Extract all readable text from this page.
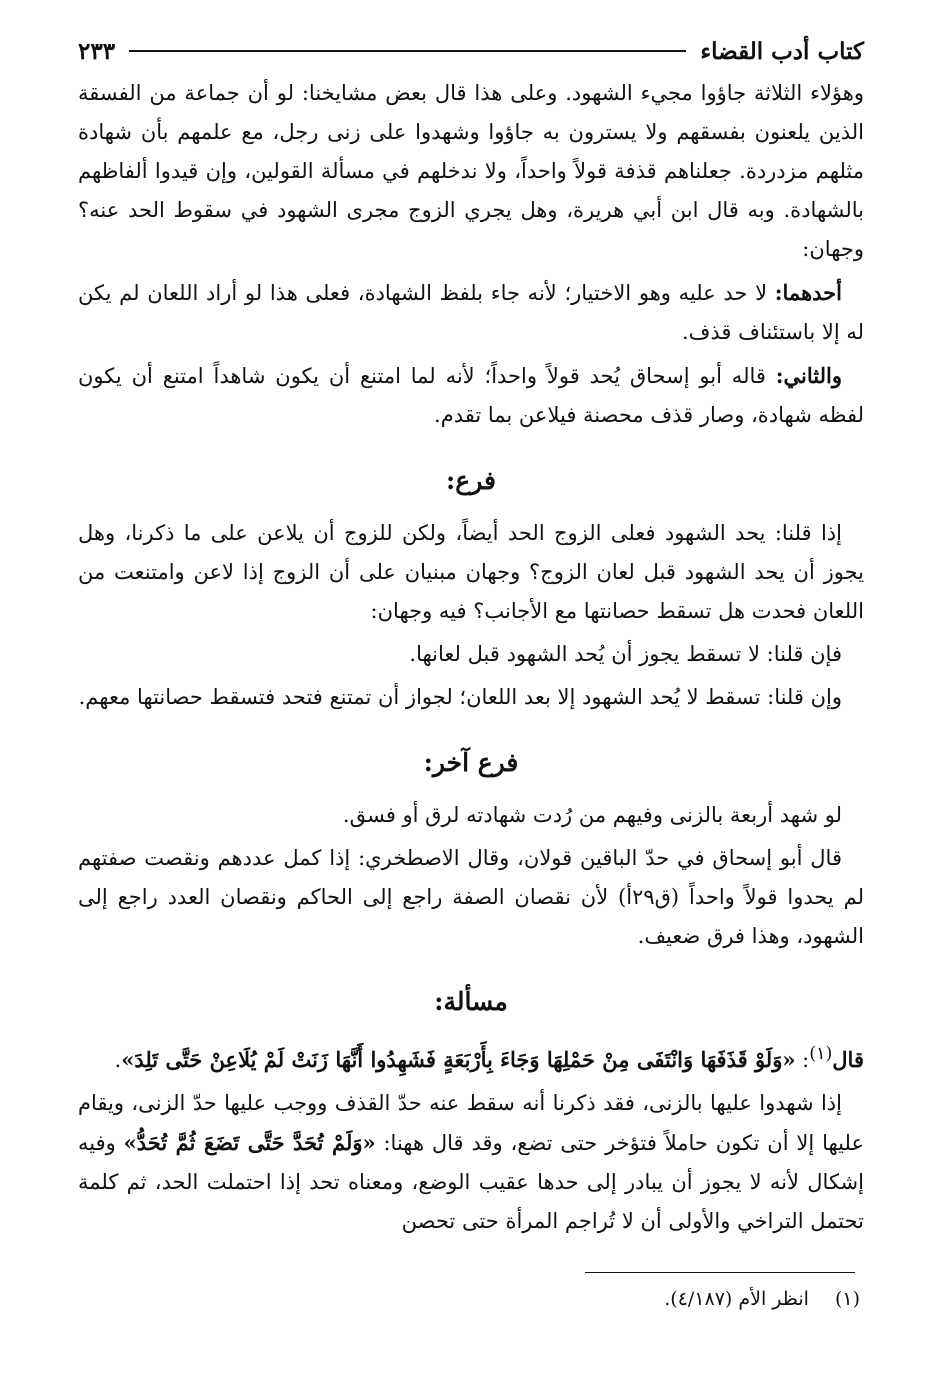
كتاب أدب القضاء
٢٣٣

وهؤلاء الثلاثة جاؤوا مجيء الشهود. وعلى هذا قال بعض مشايخنا: لو أن جماعة من الفسقة الذين يلعنون بفسقهم ولا يسترون به جاؤوا وشهدوا على زنى رجل، مع علمهم بأن شهادة مثلهم مزدردة. جعلناهم قذفة قولاً واحداً، ولا ندخلهم في مسألة القولين، وإن قيدوا ألفاظهم بالشهادة. وبه قال ابن أبي هريرة، وهل يجري الزوج مجرى الشهود في سقوط الحد عنه؟ وجهان:

أحدهما: لا حد عليه وهو الاختيار؛ لأنه جاء بلفظ الشهادة، فعلى هذا لو أراد اللعان لم يكن له إلا باستئناف قذف.

والثاني: قاله أبو إسحاق يُحد قولاً واحداً؛ لأنه لما امتنع أن يكون شاهداً امتنع أن يكون لفظه شهادة، وصار قذف محصنة فيلاعن بما تقدم.

فرع:

إذا قلنا: يحد الشهود فعلى الزوج الحد أيضاً، ولكن للزوج أن يلاعن على ما ذكرنا، وهل يجوز أن يحد الشهود قبل لعان الزوج؟ وجهان مبنيان على أن الزوج إذا لاعن وامتنعت من اللعان فحدت هل تسقط حصانتها مع الأجانب؟ فيه وجهان:

فإن قلنا: لا تسقط يجوز أن يُحد الشهود قبل لعانها.

وإن قلنا: تسقط لا يُحد الشهود إلا بعد اللعان؛ لجواز أن تمتنع فتحد فتسقط حصانتها معهم.

فرع آخر:

لو شهد أربعة بالزنى وفيهم من رُدت شهادته لرق أو فسق.

قال أبو إسحاق في حدّ الباقين قولان، وقال الاصطخري: إذا كمل عددهم ونقصت صفتهم لم يحدوا قولاً واحداً (ق٢٩أ) لأن نقصان الصفة راجع إلى الحاكم ونقصان العدد راجع إلى الشهود، وهذا فرق ضعيف.

مسألة:

قال$^{(١)}$: «وَلَوْ قَذَفَهَا وَانْتَفَى مِنْ حَمْلِهَا وَجَاءَ بِأَرْبَعَةٍ فَشَهِدُوا أَنَّهَا زَنَتْ لَمْ يُلَاعِنْ حَتَّى تَلِدَ».

إذا شهدوا عليها بالزنى، فقد ذكرنا أنه سقط عنه حدّ القذف ووجب عليها حدّ الزنى، ويقام عليها إلا أن تكون حاملاً فتؤخر حتى تضع، وقد قال ههنا: «وَلَمْ تُحَدَّ حَتَّى تَضَعَ ثُمَّ تُحَدُّ» وفيه إشكال لأنه لا يجوز أن يبادر إلى حدها عقيب الوضع، ومعناه تحد إذا احتملت الحد، ثم كلمة تحتمل التراخي والأولى أن لا تُراجم المرأة حتى تحصن

(١)انظر الأم (٤/١٨٧).
